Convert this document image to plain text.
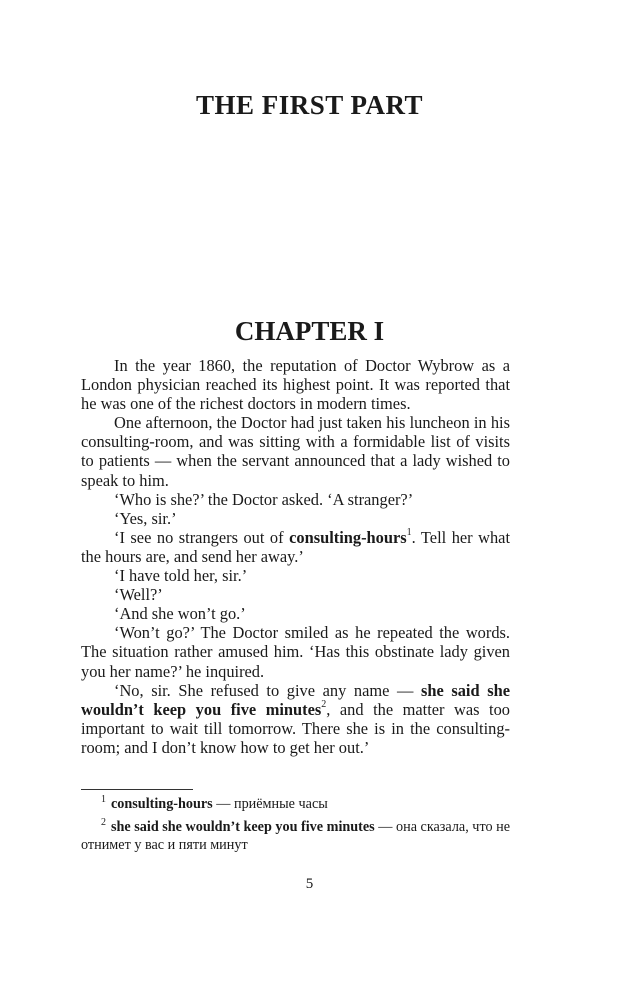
THE FIRST PART
CHAPTER I

In the year 1860, the reputation of Doctor Wybrow as a London physician reached its highest point. It was reported that he was one of the richest doctors in modern times.

One afternoon, the Doctor had just taken his luncheon in his consulting-room, and was sitting with a formidable list of visits to patients — when the servant announced that a lady wished to speak to him.

‘Who is she?’ the Doctor asked. ‘A stranger?’

‘Yes, sir.’

‘I see no strangers out of consulting-hours$^1$. Tell her what the hours are, and send her away.’

‘I have told her, sir.’

‘Well?’

‘And she won’t go.’

‘Won’t go?’ The Doctor smiled as he repeated the words. The situation rather amused him. ‘Has this obstinate lady given you her name?’ he inquired.

‘No, sir. She refused to give any name — she said she wouldn’t keep you five minutes$^2$, and the matter was too important to wait till tomorrow. There she is in the consulting-room; and I don’t know how to get her out.’

$^1$ consulting-hours — приёмные часы

$^2$ she said she wouldn’t keep you five minutes — она сказала, что не отнимет у вас и пяти минут

5
